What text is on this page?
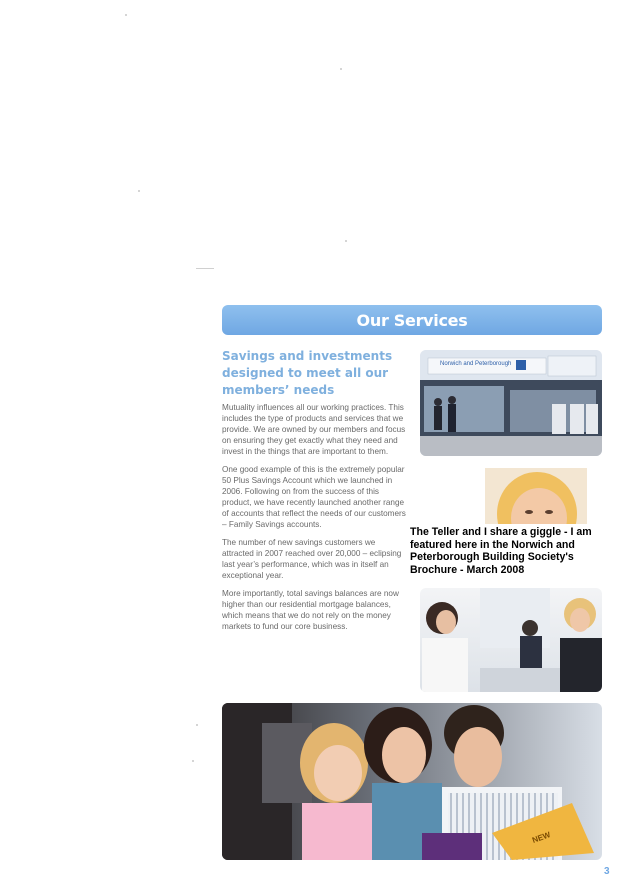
Our Services
Savings and investments designed to meet all our members’ needs

Mutuality influences all our working practices. This includes the type of products and services that we provide. We are owned by our members and focus on ensuring they get exactly what they need and invest in the things that are important to them.

One good example of this is the extremely popular 50 Plus Savings Account which we launched in 2006. Following on from the success of this product, we have recently launched another range of accounts that reflect the needs of our customers – Family Savings accounts.

The number of new savings customers we attracted in 2007 reached over 20,000 – eclipsing last year’s performance, which was in itself an exceptional year.

More importantly, total savings balances are now higher than our residential mortgage balances, which means that we do not rely on the money markets to fund our core business.

Norwich and Peterborough

The Teller and I share a giggle - I am featured here in the Norwich and Peterborough Building Society's Brochure - March 2008

NEW
3
